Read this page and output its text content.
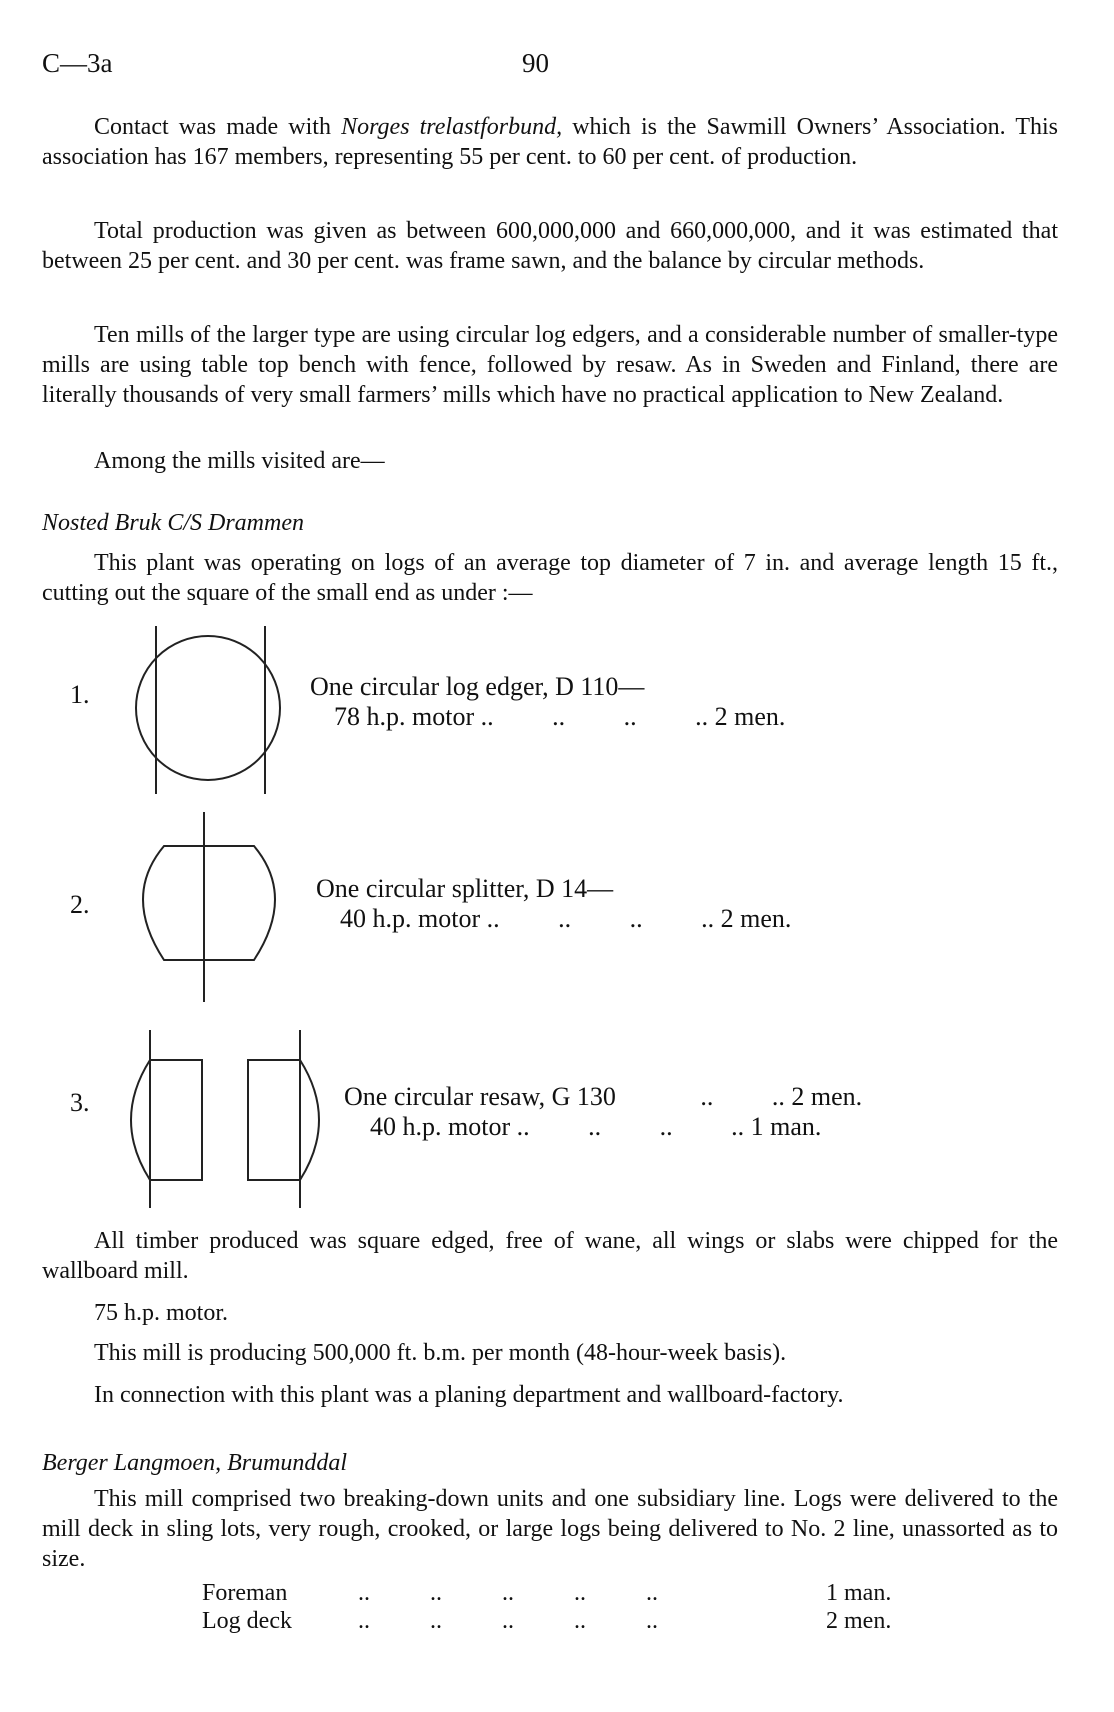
C—3a	90

Contact was made with Norges trelastforbund, which is the Sawmill Owners’ Association. This association has 167 members, representing 55 per cent. to 60 per cent. of production.

Total production was given as between 600,000,000 and 660,000,000, and it was estimated that between 25 per cent. and 30 per cent. was frame sawn, and the balance by circular methods.

Ten mills of the larger type are using circular log edgers, and a considerable number of smaller-type mills are using table top bench with fence, followed by resaw. As in Sweden and Finland, there are literally thousands of very small farmers’ mills which have no practical application to New Zealand.

Among the mills visited are—

Nosted Bruk C/S Drammen

This plant was operating on logs of an average top diameter of 7 in. and average length 15 ft., cutting out the square of the small end as under :—

1.	One circular log edger, D 110—
78 h.p. motor ..         ..         ..         .. 2 men.
2.
One circular splitter, D 14—
40 h.p. motor ..         ..         ..         .. 2 men.
3.	One circular resaw, G 130             ..         .. 2 men.
40 h.p. motor ..         ..         ..         .. 1 man.

All timber produced was square edged, free of wane, all wings or slabs were chipped for the wallboard mill.

75 h.p. motor.

This mill is producing 500,000 ft. b.m. per month (48-hour-week basis).

In connection with this plant was a planing department and wallboard-factory.

Berger Langmoen, Brumunddal

This mill comprised two breaking-down units and one subsidiary line. Logs were delivered to the mill deck in sling lots, very rough, crooked, or large logs being delivered to No. 2 line, unassorted as to size.

Foreman	..          ..          ..          ..          ..	1 man.
Log deck	..          ..          ..          ..          ..	2 men.
